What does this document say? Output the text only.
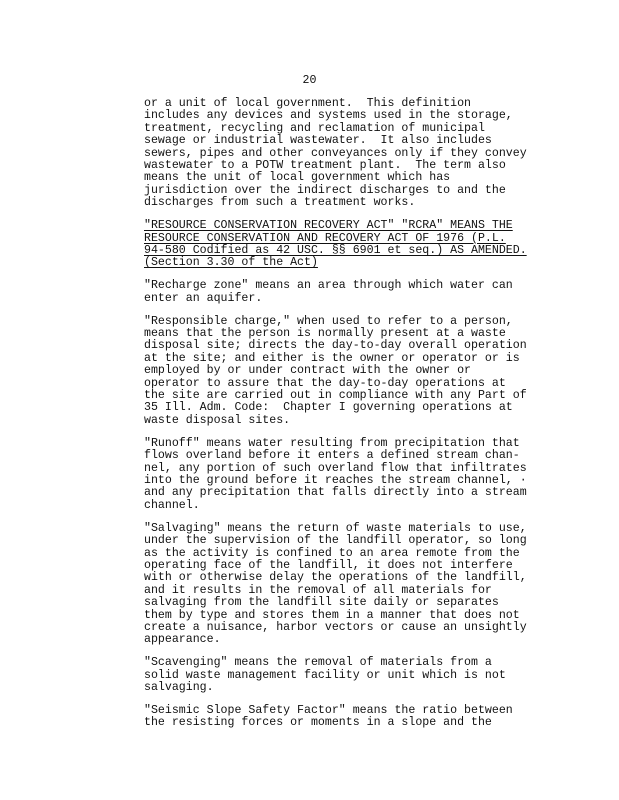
20

or a unit of local government.  This definition
includes any devices and systems used in the storage,
treatment, recycling and reclamation of municipal
sewage or industrial wastewater.  It also includes
sewers, pipes and other conveyances only if they convey
wastewater to a POTW treatment plant.  The term also
means the unit of local government which has
jurisdiction over the indirect discharges to and the
discharges from such a treatment works.

"RESOURCE CONSERVATION RECOVERY ACT" "RCRA" MEANS THE
RESOURCE CONSERVATION AND RECOVERY ACT OF 1976 (P.L.
94-580 Codified as 42 USC. §§ 6901 et seq.) AS AMENDED.
(Section 3.30 of the Act)

"Recharge zone" means an area through which water can
enter an aquifer.

"Responsible charge," when used to refer to a person,
means that the person is normally present at a waste
disposal site; directs the day-to-day overall operation
at the site; and either is the owner or operator or is
employed by or under contract with the owner or
operator to assure that the day-to-day operations at
the site are carried out in compliance with any Part of
35 Ill. Adm. Code:  Chapter I governing operations at
waste disposal sites.

"Runoff" means water resulting from precipitation that
flows overland before it enters a defined stream chan-
nel, any portion of such overland flow that infiltrates
into the ground before it reaches the stream channel, ·
and any precipitation that falls directly into a stream
channel.

"Salvaging" means the return of waste materials to use,
under the supervision of the landfill operator, so long
as the activity is confined to an area remote from the
operating face of the landfill, it does not interfere
with or otherwise delay the operations of the landfill,
and it results in the removal of all materials for
salvaging from the landfill site daily or separates
them by type and stores them in a manner that does not
create a nuisance, harbor vectors or cause an unsightly
appearance.

"Scavenging" means the removal of materials from a
solid waste management facility or unit which is not
salvaging.

"Seismic Slope Safety Factor" means the ratio between
the resisting forces or moments in a slope and the
